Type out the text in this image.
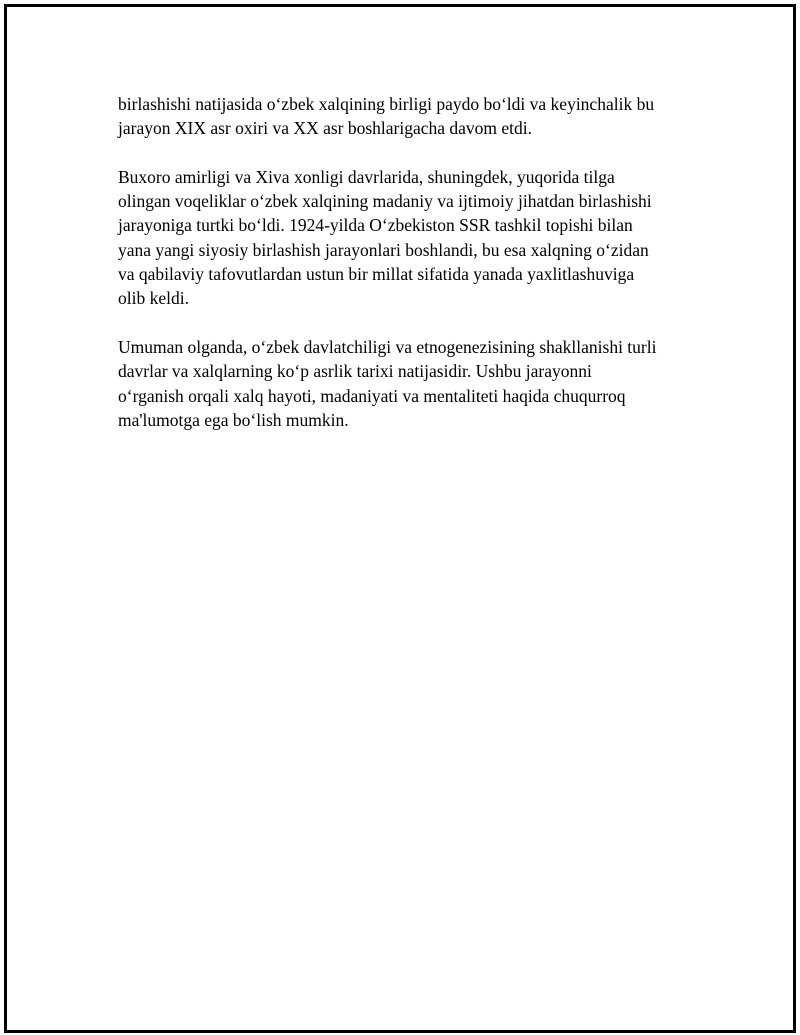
birlashishi natijasida o‘zbek xalqining birligi paydo bo‘ldi va keyinchalik bu
jarayon XIX asr oxiri va XX asr boshlarigacha davom etdi.

Buxoro amirligi va Xiva xonligi davrlarida, shuningdek, yuqorida tilga
olingan voqeliklar o‘zbek xalqining madaniy va ijtimoiy jihatdan birlashishi
jarayoniga turtki bo‘ldi. 1924-yilda O‘zbekiston SSR tashkil topishi bilan
yana yangi siyosiy birlashish jarayonlari boshlandi, bu esa xalqning o‘zidan
va qabilaviy tafovutlardan ustun bir millat sifatida yanada yaxlitlashuviga
olib keldi.

Umuman olganda, o‘zbek davlatchiligi va etnogenezisining shakllanishi turli
davrlar va xalqlarning ko‘p asrlik tarixi natijasidir. Ushbu jarayonni
o‘rganish orqali xalq hayoti, madaniyati va mentaliteti haqida chuqurroq
ma'lumotga ega bo‘lish mumkin.
